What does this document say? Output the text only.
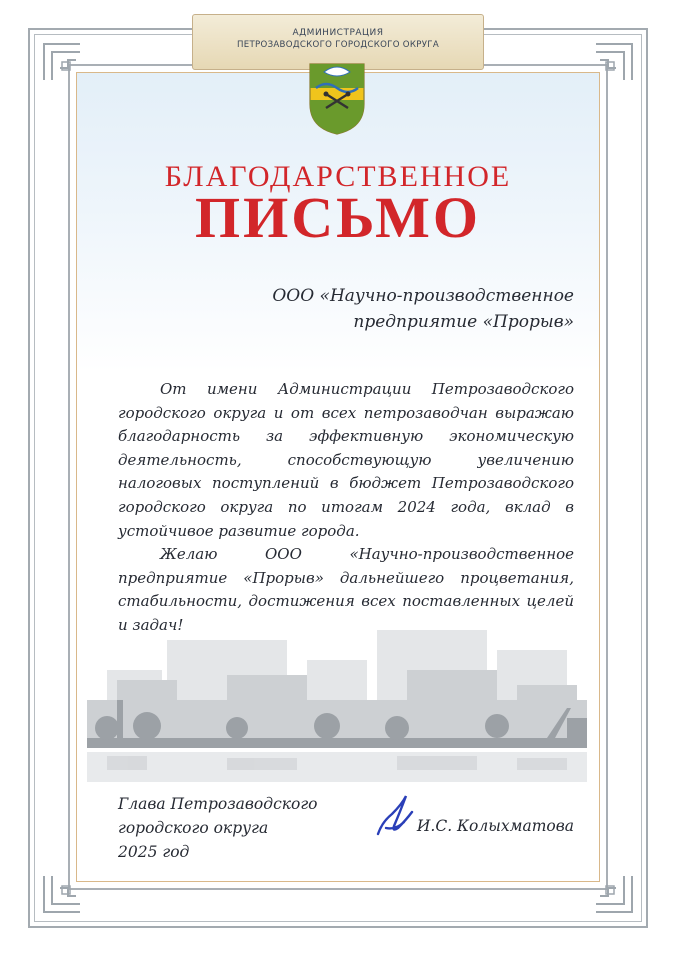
АДМИНИСТРАЦИЯ
ПЕТРОЗАВОДСКОГО ГОРОДСКОГО ОКРУГА
БЛАГОДАРСТВЕННОЕ
ПИСЬМО
ООО «Научно-производственное
предприятие «Прорыв»

От имени Администрации Петрозаводского городского округа и от всех петрозаводчан выражаю благодарность за эффективную экономическую деятельность, способствующую увеличению налоговых поступлений в бюджет Петрозаводского городского округа по итогам 2024 года, вклад в устойчивое развитие города.

Желаю ООО «Научно-производственное предприятие «Прорыв» дальнейшего процветания, стабильности, достижения всех поставленных целей и задач!

Глава Петрозаводского
городского округа
2025 год
И.С. Колыхматова
